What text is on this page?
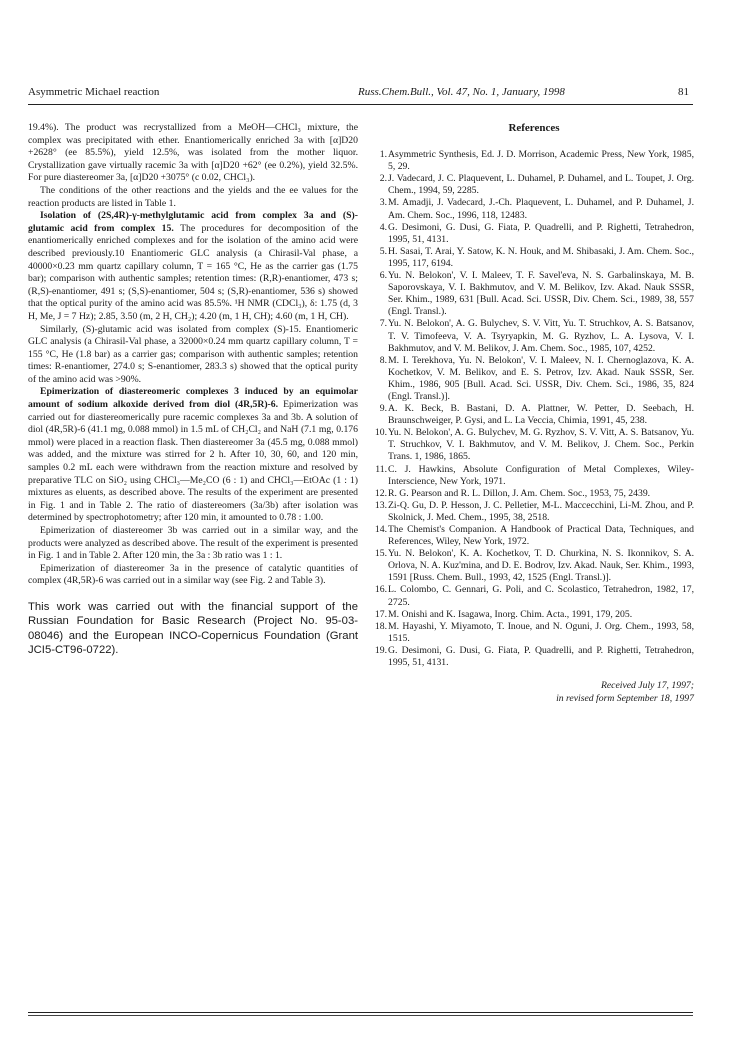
Asymmetric Michael reaction	Russ.Chem.Bull., Vol. 47, No. 1, January, 1998	81

19.4%). The product was recrystallized from a MeOH—CHCl₃ mixture, the complex was precipitated with ether. Enantiomerically enriched 3a with [α]D20 +2628° (ee 85.5%), yield 12.5%, was isolated from the mother liquor. Crystallization gave virtually racemic 3a with [α]D20 +62° (ee 0.2%), yield 32.5%. For pure diastereomer 3a, [α]D20 +3075° (c 0.02, CHCl₃).

The conditions of the other reactions and the yields and the ee values for the reaction products are listed in Table 1.

Isolation of (2S,4R)-γ-methylglutamic acid from complex 3a and (S)-glutamic acid from complex 15. The procedures for decomposition of the enantiomerically enriched complexes and for the isolation of the amino acid were described previously.10 Enantiomeric GLC analysis (a Chirasil-Val phase, a 40000×0.23 mm quartz capillary column, T = 165 °C, He as the carrier gas (1.75 bar); comparison with authentic samples; retention times: (R,R)-enantiomer, 473 s; (R,S)-enantiomer, 491 s; (S,S)-enantiomer, 504 s; (S,R)-enantiomer, 536 s) showed that the optical purity of the amino acid was 85.5%. ¹H NMR (CDCl₃), δ: 1.75 (d, 3 H, Me, J = 7 Hz); 2.85, 3.50 (m, 2 H, CH₂); 4.20 (m, 1 H, CH); 4.60 (m, 1 H, CH).

Similarly, (S)-glutamic acid was isolated from complex (S)-15. Enantiomeric GLC analysis (a Chirasil-Val phase, a 32000×0.24 mm quartz capillary column, T = 155 °C, He (1.8 bar) as a carrier gas; comparison with authentic samples; retention times: R-enantiomer, 274.0 s; S-enantiomer, 283.3 s) showed that the optical purity of the amino acid was >90%.

Epimerization of diastereomeric complexes 3 induced by an equimolar amount of sodium alkoxide derived from diol (4R,5R)-6. Epimerization was carried out for diastereomerically pure racemic complexes 3a and 3b. A solution of diol (4R,5R)-6 (41.1 mg, 0.088 mmol) in 1.5 mL of CH₂Cl₂ and NaH (7.1 mg, 0.176 mmol) were placed in a reaction flask. Then diastereomer 3a (45.5 mg, 0.088 mmol) was added, and the mixture was stirred for 2 h. After 10, 30, 60, and 120 min, samples 0.2 mL each were withdrawn from the reaction mixture and resolved by preparative TLC on SiO₂ using CHCl₃—Me₂CO (6 : 1) and CHCl₃—EtOAc (1 : 1) mixtures as eluents, as described above. The results of the experiment are presented in Fig. 1 and in Table 2. The ratio of diastereomers (3a/3b) after isolation was determined by spectrophotometry; after 120 min, it amounted to 0.78 : 1.00.

Epimerization of diastereomer 3b was carried out in a similar way, and the products were analyzed as described above. The result of the experiment is presented in Fig. 1 and in Table 2. After 120 min, the 3a : 3b ratio was 1 : 1.

Epimerization of diastereomer 3a in the presence of catalytic quantities of complex (4R,5R)-6 was carried out in a similar way (see Fig. 2 and Table 3).

This work was carried out with the financial support of the Russian Foundation for Basic Research (Project No. 95-03-08046) and the European INCO-Copernicus Foundation (Grant JCI5-CT96-0722).

References
1. Asymmetric Synthesis, Ed. J. D. Morrison, Academic Press, New York, 1985, 5, 29.
2. J. Vadecard, J. C. Plaquevent, L. Duhamel, P. Duhamel, and L. Toupet, J. Org. Chem., 1994, 59, 2285.
3. M. Amadji, J. Vadecard, J.-Ch. Plaquevent, L. Duhamel, and P. Duhamel, J. Am. Chem. Soc., 1996, 118, 12483.
4. G. Desimoni, G. Dusi, G. Fiata, P. Quadrelli, and P. Righetti, Tetrahedron, 1995, 51, 4131.
5. H. Sasai, T. Arai, Y. Satow, K. N. Houk, and M. Shibasaki, J. Am. Chem. Soc., 1995, 117, 6194.
6. Yu. N. Belokon', V. I. Maleev, T. F. Savel'eva, N. S. Garbalinskaya, M. B. Saporovskaya, V. I. Bakhmutov, and V. M. Belikov, Izv. Akad. Nauk SSSR, Ser. Khim., 1989, 631 [Bull. Acad. Sci. USSR, Div. Chem. Sci., 1989, 38, 557 (Engl. Transl.).
7. Yu. N. Belokon', A. G. Bulychev, S. V. Vitt, Yu. T. Struchkov, A. S. Batsanov, T. V. Timofeeva, V. A. Tsyryapkin, M. G. Ryzhov, L. A. Lysova, V. I. Bakhmutov, and V. M. Belikov, J. Am. Chem. Soc., 1985, 107, 4252.
8. M. I. Terekhova, Yu. N. Belokon', V. I. Maleev, N. I. Chernoglazova, K. A. Kochetkov, V. M. Belikov, and E. S. Petrov, Izv. Akad. Nauk SSSR, Ser. Khim., 1986, 905 [Bull. Acad. Sci. USSR, Div. Chem. Sci., 1986, 35, 824 (Engl. Transl.)].
9. A. K. Beck, B. Bastani, D. A. Plattner, W. Petter, D. Seebach, H. Braunschweiger, P. Gysi, and L. La Veccia, Chimia, 1991, 45, 238.
10. Yu. N. Belokon', A. G. Bulychev, M. G. Ryzhov, S. V. Vitt, A. S. Batsanov, Yu. T. Struchkov, V. I. Bakhmutov, and V. M. Belikov, J. Chem. Soc., Perkin Trans. 1, 1986, 1865.
11. C. J. Hawkins, Absolute Configuration of Metal Complexes, Wiley-Interscience, New York, 1971.
12. R. G. Pearson and R. L. Dillon, J. Am. Chem. Soc., 1953, 75, 2439.
13. Zi-Q. Gu, D. P. Hesson, J. C. Pelletier, M-L. Maccecchini, Li-M. Zhou, and P. Skolnick, J. Med. Chem., 1995, 38, 2518.
14. The Chemist's Companion. A Handbook of Practical Data, Techniques, and References, Wiley, New York, 1972.
15. Yu. N. Belokon', K. A. Kochetkov, T. D. Churkina, N. S. Ikonnikov, S. A. Orlova, N. A. Kuz'mina, and D. E. Bodrov, Izv. Akad. Nauk, Ser. Khim., 1993, 1591 [Russ. Chem. Bull., 1993, 42, 1525 (Engl. Transl.)].
16. L. Colombo, C. Gennari, G. Poli, and C. Scolastico, Tetrahedron, 1982, 17, 2725.
17. M. Onishi and K. Isagawa, Inorg. Chim. Acta., 1991, 179, 205.
18. M. Hayashi, Y. Miyamoto, T. Inoue, and N. Oguni, J. Org. Chem., 1993, 58, 1515.
19. G. Desimoni, G. Dusi, G. Fiata, P. Quadrelli, and P. Righetti, Tetrahedron, 1995, 51, 4131.
Received July 17, 1997;
in revised form September 18, 1997
